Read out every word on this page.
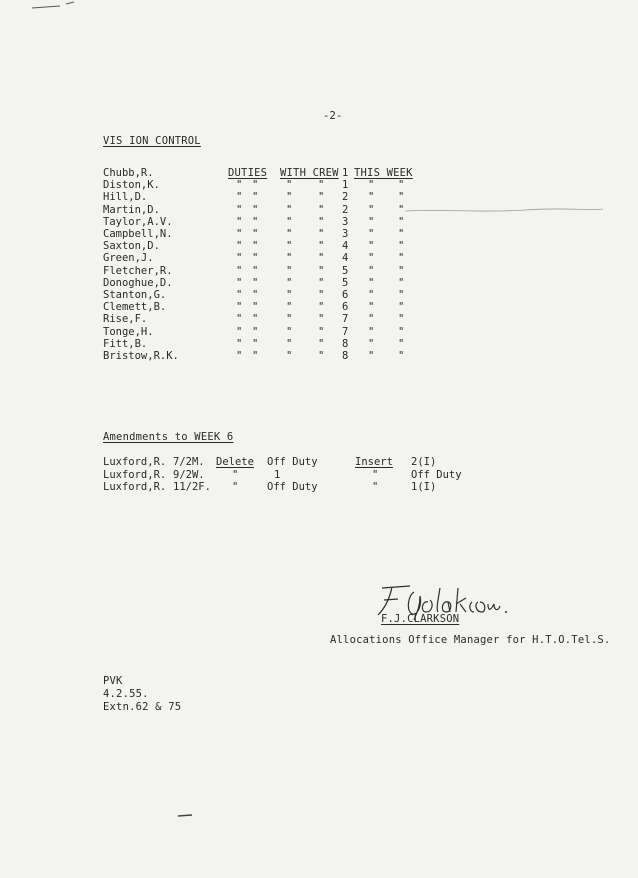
-2-
VIS ION CONTROL
DUTIES WITH CREW 1 THIS WEEK
Chubb,R.
Diston,K.	" "	" " 1 " "
Hill,D.	" "	" " 2 " "
Martin,D.	" "	" " 2 " "
Taylor,A.V.	" "	" " 3 " "
Campbell,N.	" "	" " 3 " "
Saxton,D.	" "	" " 4 " "
Green,J.	" "	" " 4 " "
Fletcher,R.	" "	" " 5 " "
Donoghue,D.	" "	" " 5 " "
Stanton,G.	" "	" " 6 " "
Clemett,B.	" "	" " 6 " "
Rise,F.	" "	" " 7 " "
Tonge,H.	" "	" " 7 " "
Fitt,B.	" "	" " 8 " "
Bristow,R.K.	" "	" " 8 " "
Amendments to WEEK 6
Luxford,R. 7/2M. Delete Off Duty	Insert 2(I)
Luxford,R. 9/2W.	"	1	"	Off Duty
Luxford,R. 11/2F. "	Off Duty	"	1(I)
F.J.CLARKSON
Allocations Office Manager for H.T.O.Tel.S.
PVK
4.2.55.
Extn.62 & 75
